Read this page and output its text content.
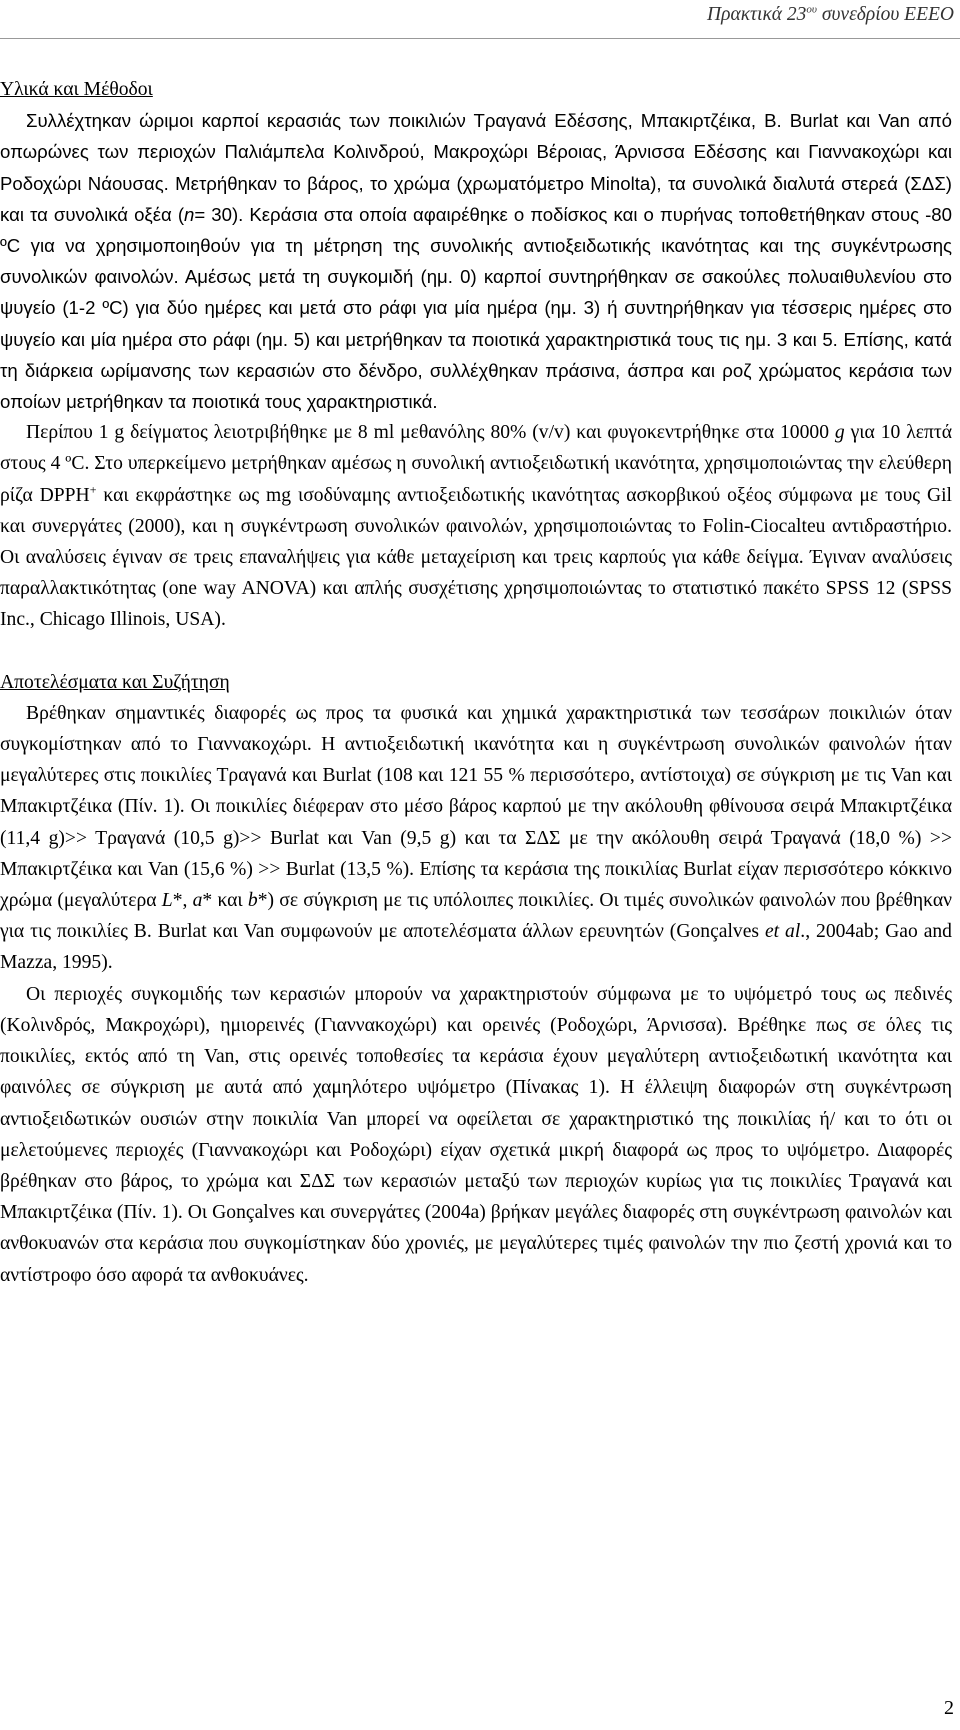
Πρακτικά $23^{o\upsilon}$ συνεδρίου ΕΕΕΟ
Υλικά και Μέθοδοι

Συλλέχτηκαν ώριμοι καρποί κερασιάς των ποικιλιών Τραγανά Εδέσσης, Μπακιρτζέικα, Β. Burlat και Van από οπωρώνες των περιοχών Παλιάμπελα Κολινδρού, Μακροχώρι Βέροιας, Άρνισσα Εδέσσης και Γιαννακοχώρι και Ροδοχώρι Νάουσας. Μετρήθηκαν το βάρος, το χρώμα (χρωματόμετρο Minolta), τα συνολικά διαλυτά στερεά (ΣΔΣ) και τα συνολικά οξέα (n= 30). Κεράσια στα οποία αφαιρέθηκε ο ποδίσκος και ο πυρήνας τοποθετήθηκαν στους -80 ºC για να χρησιμοποιηθούν για τη μέτρηση της συνολικής αντιοξειδωτικής ικανότητας και της συγκέντρωσης συνολικών φαινολών. Αμέσως μετά τη συγκομιδή (ημ. 0) καρποί συντηρήθηκαν σε σακούλες πολυαιθυλενίου στο ψυγείο (1-2 ºC) για δύο ημέρες και μετά στο ράφι για μία ημέρα (ημ. 3) ή συντηρήθηκαν για τέσσερις ημέρες στο ψυγείο και μία ημέρα στο ράφι (ημ. 5) και μετρήθηκαν τα ποιοτικά χαρακτηριστικά τους τις ημ. 3 και 5. Επίσης, κατά τη διάρκεια ωρίμανσης των κερασιών στο δένδρο, συλλέχθηκαν πράσινα, άσπρα και ροζ χρώματος κεράσια των οποίων μετρήθηκαν τα ποιοτικά τους χαρακτηριστικά.

Περίπου 1 g δείγματος λειοτριβήθηκε με 8 ml μεθανόλης 80% (v/v) και φυγοκεντρήθηκε στα 10000 g για 10 λεπτά στους 4 ºC. Στο υπερκείμενο μετρήθηκαν αμέσως η συνολική αντιοξειδωτική ικανότητα, χρησιμοποιώντας την ελεύθερη ρίζα DPPH+ και εκφράστηκε ως mg ισοδύναμης αντιοξειδωτικής ικανότητας ασκορβικού οξέος σύμφωνα με τους Gil και συνεργάτες (2000), και η συγκέντρωση συνολικών φαινολών, χρησιμοποιώντας το Folin-Ciocalteu αντιδραστήριο. Οι αναλύσεις έγιναν σε τρεις επαναλήψεις για κάθε μεταχείριση και τρεις καρπούς για κάθε δείγμα. Έγιναν αναλύσεις παραλλακτικότητας (one way ANOVA) και απλής συσχέτισης χρησιμοποιώντας το στατιστικό πακέτο SPSS 12 (SPSS Inc., Chicago Illinois, USA).

Αποτελέσματα και Συζήτηση

Βρέθηκαν σημαντικές διαφορές ως προς τα φυσικά και χημικά χαρακτηριστικά των τεσσάρων ποικιλιών όταν συγκομίστηκαν από το Γιαννακοχώρι. Η αντιοξειδωτική ικανότητα και η συγκέντρωση συνολικών φαινολών ήταν μεγαλύτερες στις ποικιλίες Τραγανά και Burlat (108 και 121 55 % περισσότερο, αντίστοιχα) σε σύγκριση με τις Van και Μπακιρτζέικα (Πίν. 1). Οι ποικιλίες διέφεραν στο μέσο βάρος καρπού με την ακόλουθη φθίνουσα σειρά Μπακιρτζέικα (11,4 g)>> Τραγανά (10,5 g)>> Burlat και Van (9,5 g) και τα ΣΔΣ με την ακόλουθη σειρά Τραγανά (18,0 %) >> Μπακιρτζέικα και Van (15,6 %) >> Burlat (13,5 %). Επίσης τα κεράσια της ποικιλίας Burlat είχαν περισσότερο κόκκινο χρώμα (μεγαλύτερα L*, a* και b*) σε σύγκριση με τις υπόλοιπες ποικιλίες. Οι τιμές συνολικών φαινολών που βρέθηκαν για τις ποικιλίες Β. Burlat και Van συμφωνούν με αποτελέσματα άλλων ερευνητών (Gonçalves et al., 2004ab; Gao and Mazza, 1995).

Οι περιοχές συγκομιδής των κερασιών μπορούν να χαρακτηριστούν σύμφωνα με το υψόμετρό τους ως πεδινές (Κολινδρός, Μακροχώρι), ημιορεινές (Γιαννακοχώρι) και ορεινές (Ροδοχώρι, Άρνισσα). Βρέθηκε πως σε όλες τις ποικιλίες, εκτός από τη Van, στις ορεινές τοποθεσίες τα κεράσια έχουν μεγαλύτερη αντιοξειδωτική ικανότητα και φαινόλες σε σύγκριση με αυτά από χαμηλότερο υψόμετρο (Πίνακας 1). Η έλλειψη διαφορών στη συγκέντρωση αντιοξειδωτικών ουσιών στην ποικιλία Van μπορεί να οφείλεται σε χαρακτηριστικό της ποικιλίας ή/ και το ότι οι μελετούμενες περιοχές (Γιαννακοχώρι και Ροδοχώρι) είχαν σχετικά μικρή διαφορά ως προς το υψόμετρο. Διαφορές βρέθηκαν στο βάρος, το χρώμα και ΣΔΣ των κερασιών μεταξύ των περιοχών κυρίως για τις ποικιλίες Τραγανά και Μπακιρτζέικα (Πίν. 1). Οι Gonçalves και συνεργάτες (2004a) βρήκαν μεγάλες διαφορές στη συγκέντρωση φαινολών και ανθοκυανών στα κεράσια που συγκομίστηκαν δύο χρονιές, με μεγαλύτερες τιμές φαινολών την πιο ζεστή χρονιά και το αντίστροφο όσο αφορά τα ανθοκυάνες.

2
